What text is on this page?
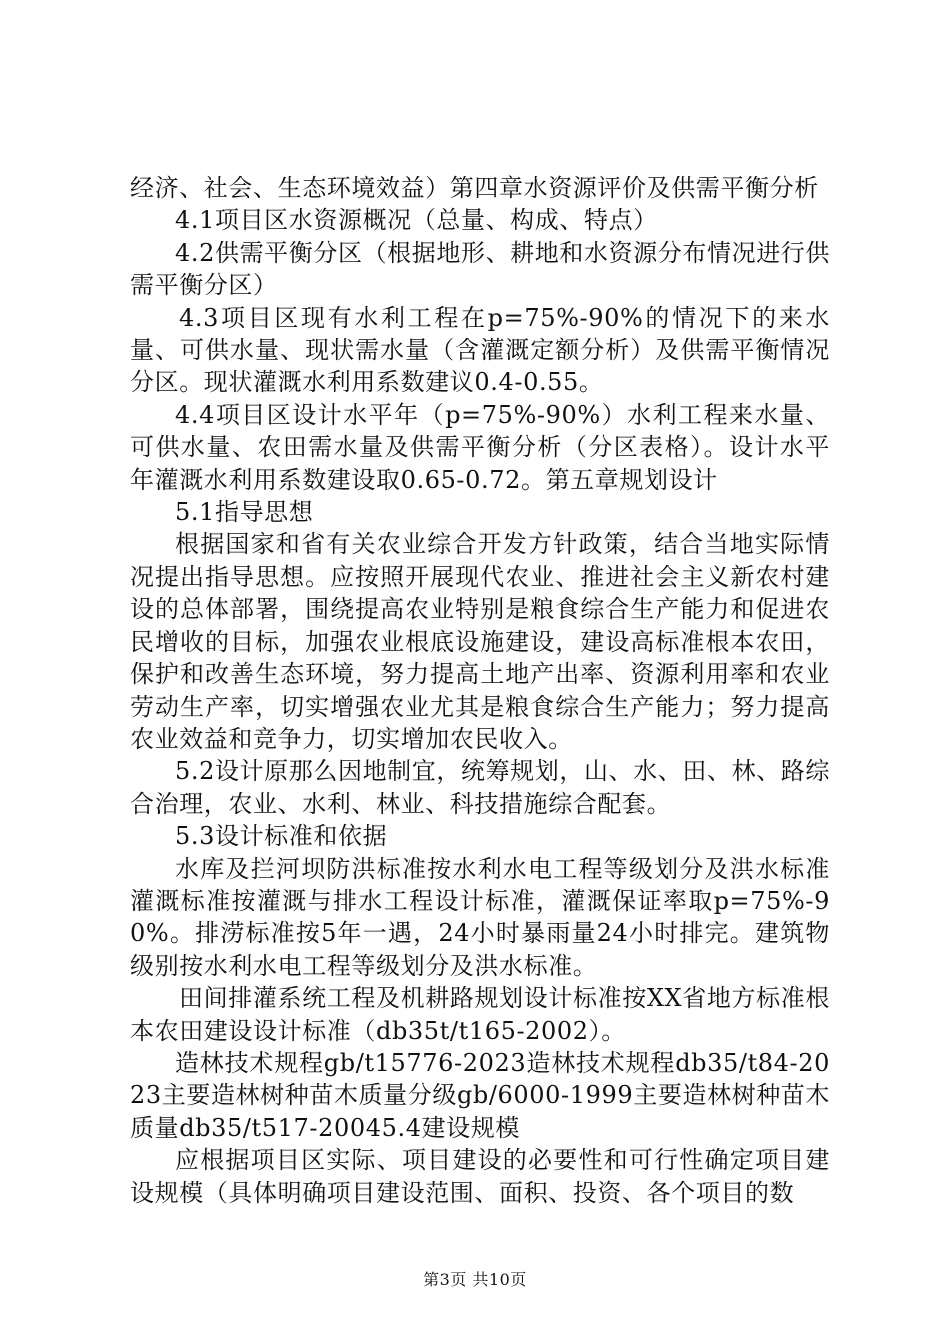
经济、社会、生态环境效益）第四章水资源评价及供需平衡分析

4.1项目区水资源概况（总量、构成、特点）

4.2供需平衡分区（根据地形、耕地和水资源分布情况进行供需平衡分区）

4.3项目区现有水利工程在p=75%-90%的情况下的来水量、可供水量、现状需水量（含灌溉定额分析）及供需平衡情况分区。现状灌溉水利用系数建议0.4-0.55。

4.4项目区设计水平年（p=75%-90%）水利工程来水量、可供水量、农田需水量及供需平衡分析（分区表格）。设计水平年灌溉水利用系数建设取0.65-0.72。第五章规划设计

5.1指导思想

根据国家和省有关农业综合开发方针政策，结合当地实际情况提出指导思想。应按照开展现代农业、推进社会主义新农村建设的总体部署，围绕提高农业特别是粮食综合生产能力和促进农民增收的目标，加强农业根底设施建设，建设高标准根本农田，保护和改善生态环境，努力提高土地产出率、资源利用率和农业劳动生产率，切实增强农业尤其是粮食综合生产能力；努力提高农业效益和竞争力，切实增加农民收入。

5.2设计原那么因地制宜，统筹规划，山、水、田、林、路综合治理，农业、水利、林业、科技措施综合配套。

5.3设计标准和依据

水库及拦河坝防洪标准按水利水电工程等级划分及洪水标准灌溉标准按灌溉与排水工程设计标准，灌溉保证率取p=75%-90%。排涝标准按5年一遇，24小时暴雨量24小时排完。建筑物级别按水利水电工程等级划分及洪水标准。

田间排灌系统工程及机耕路规划设计标准按XX省地方标准根本农田建设设计标准（db35t/t165-2002）。

造林技术规程gb/t15776-2023造林技术规程db35/t84-2023主要造林树种苗木质量分级gb/6000-1999主要造林树种苗木质量db35/t517-20045.4建设规模

应根据项目区实际、项目建设的必要性和可行性确定项目建设规模（具体明确项目建设范围、面积、投资、各个项目的数

第3页 共10页
